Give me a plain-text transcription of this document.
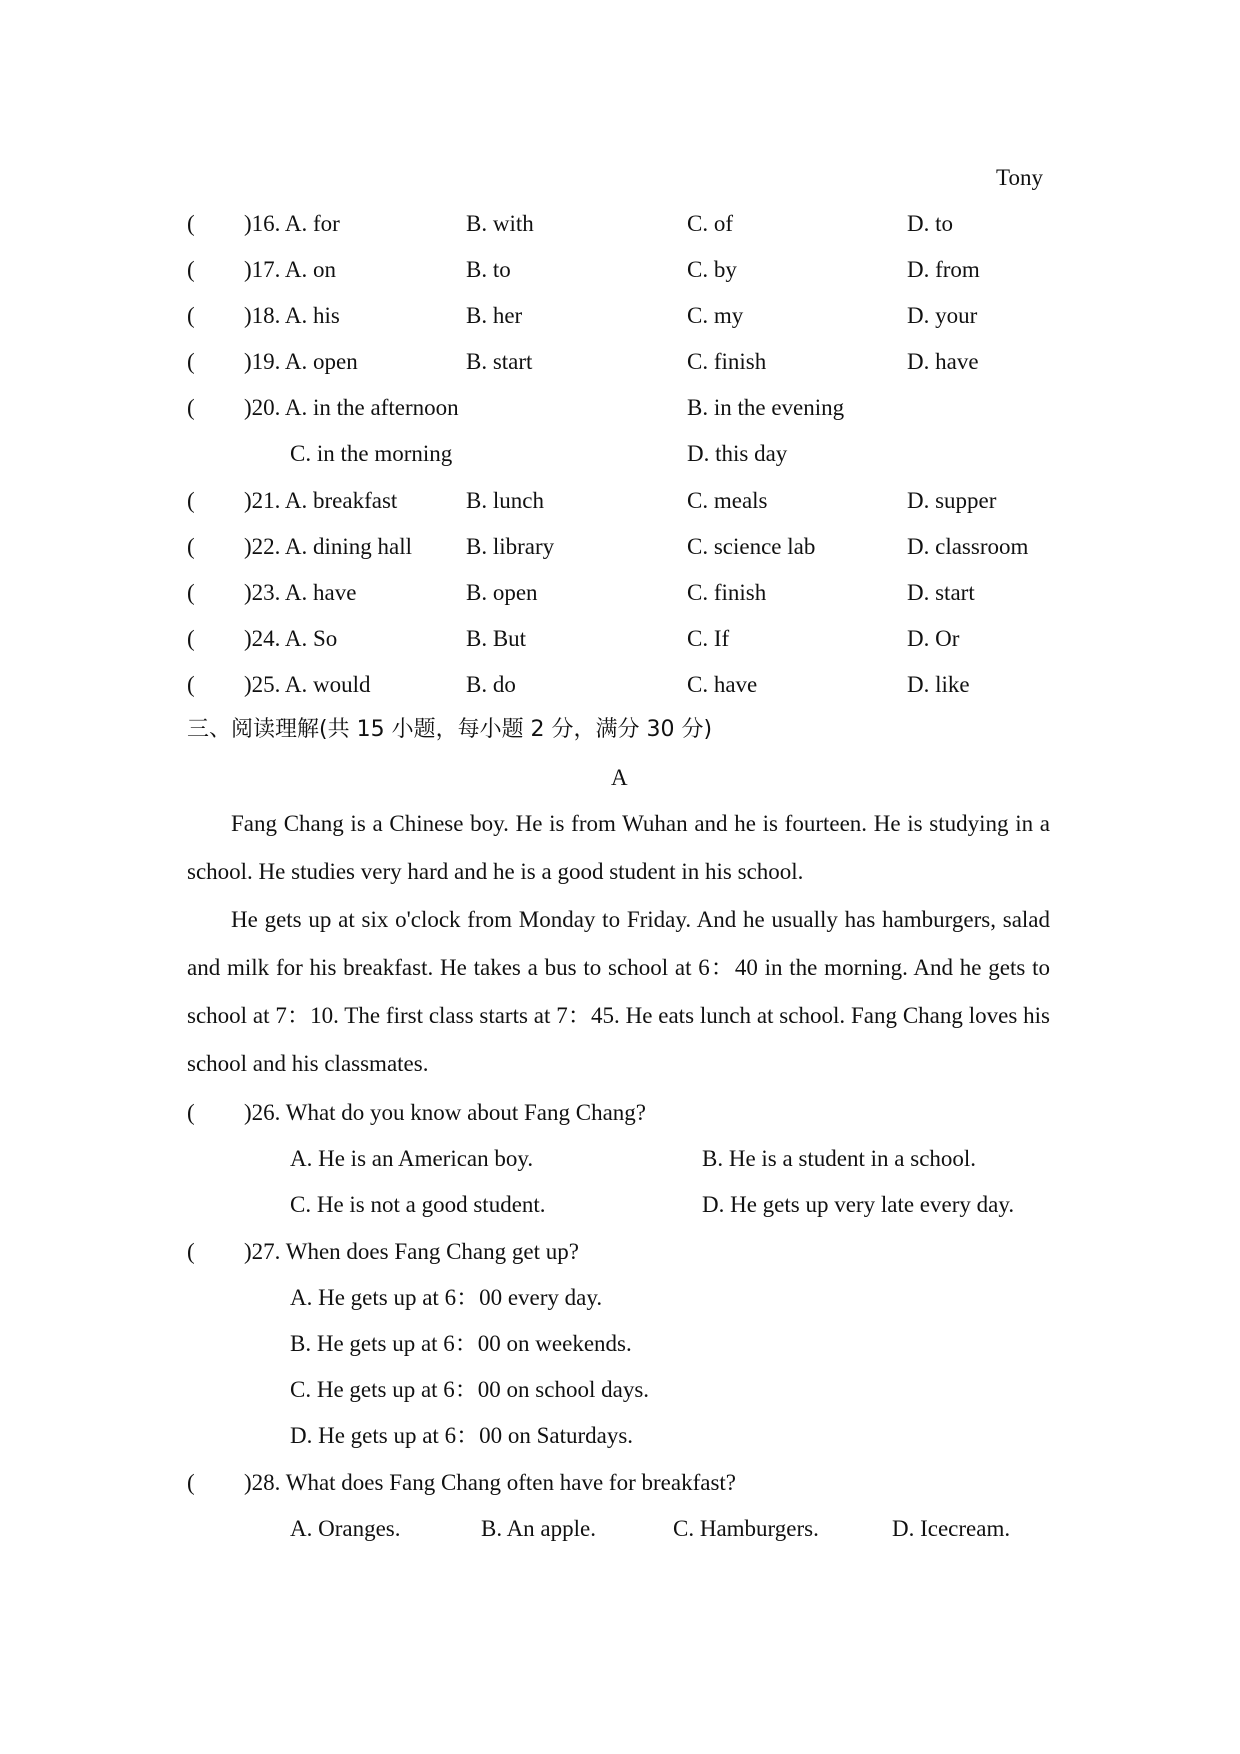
Tony
( )16. A. for	B. with	C. of	D. to
( )17. A. on	B. to	C. by	D. from
( )18. A. his	B. her	C. my	D. your
( )19. A. open	B. start	C. finish	D. have
( )20. A. in the afternoon	B. in the evening
C. in the morning	D. this day
( )21. A. breakfast	B. lunch	C. meals	D. supper
( )22. A. dining hall B. library	C. science lab	D. classroom
( )23. A. have	B. open	C. finish	D. start
( )24. A. So	B. But	C. If	D. Or
( )25. A. would	B. do	C. have	D. like
三、阅读理解(共 15 小题，每小题 2 分，满分 30 分)
A

Fang Chang is a Chinese boy. He is from Wuhan and he is fourteen. He is studying in a school. He studies very hard and he is a good student in his school.

He gets up at six o'clock from Monday to Friday. And he usually has hamburgers, salad and milk for his breakfast. He takes a bus to school at 6：40 in the morning. And he gets to school at 7：10. The first class starts at 7：45. He eats lunch at school. Fang Chang loves his school and his classmates.

( )26. What do you know about Fang Chang?
A. He is an American boy.	B. He is a student in a school.
C. He is not a good student.	D. He gets up very late every day.
( )27. When does Fang Chang get up?
A. He gets up at 6：00 every day.
B. He gets up at 6：00 on weekends.
C. He gets up at 6：00 on school days.
D. He gets up at 6：00 on Saturdays.
( )28. What does Fang Chang often have for breakfast?
A. Oranges.	B. An apple.	C. Hamburgers.	D. Icecream.
